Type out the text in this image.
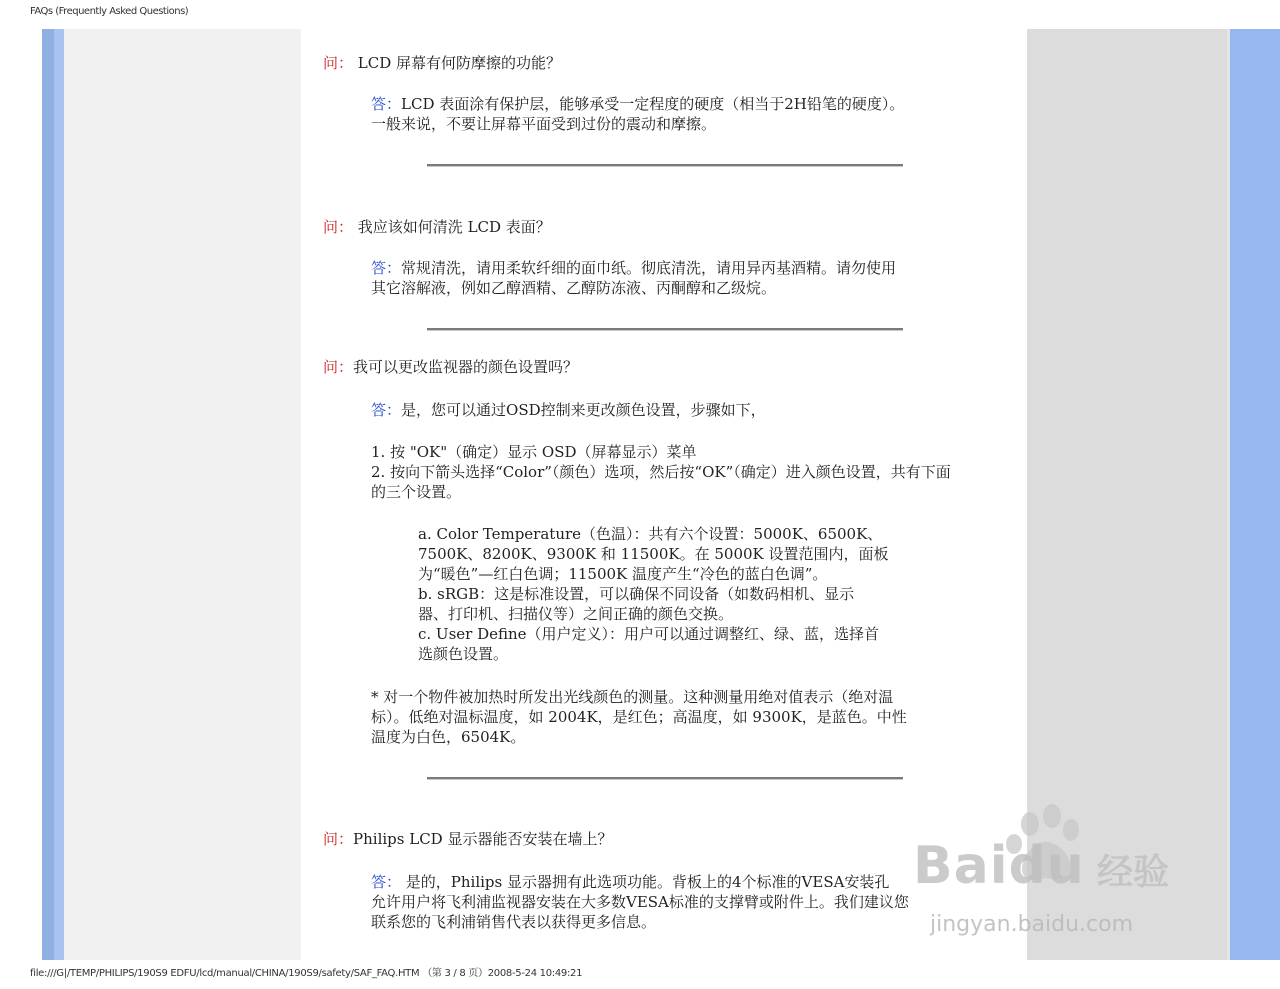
FAQs (Frequently Asked Questions)
问： LCD 屏幕有何防摩擦的功能？
答：LCD 表面涂有保护层，能够承受一定程度的硬度（相当于2H铅笔的硬度）。
一般来说，不要让屏幕平面受到过份的震动和摩擦。
问： 我应该如何清洗 LCD 表面？
答：常规清洗，请用柔软纤细的面巾纸。彻底清洗，请用异丙基酒精。请勿使用
其它溶解液，例如乙醇酒精、乙醇防冻液、丙酮醇和乙级烷。
问：我可以更改监视器的颜色设置吗？
答：是，您可以通过OSD控制来更改颜色设置，步骤如下，
1. 按 "OK"（确定）显示 OSD（屏幕显示）菜单
2. 按向下箭头选择“Color”（颜色）选项，然后按“OK”（确定）进入颜色设置，共有下面
的三个设置。
a. Color Temperature（色温）：共有六个设置：5000K、6500K、
7500K、8200K、9300K 和 11500K。在 5000K 设置范围内，面板
为“暖色”—红白色调；11500K 温度产生“冷色的蓝白色调”。
b. sRGB：这是标准设置，可以确保不同设备（如数码相机、显示
器、打印机、扫描仪等）之间正确的颜色交换。
c. User Define（用户定义）：用户可以通过调整红、绿、蓝，选择首
选颜色设置。
* 对一个物件被加热时所发出光线颜色的测量。这种测量用绝对值表示（绝对温
标）。低绝对温标温度，如 2004K，是红色；高温度，如 9300K，是蓝色。中性
温度为白色，6504K。
问：Philips LCD 显示器能否安装在墙上？
答： 是的，Philips 显示器拥有此选项功能。背板上的4个标准的VESA安装孔
允许用户将飞利浦监视器安装在大多数VESA标准的支撑臂或附件上。我们建议您
联系您的飞利浦销售代表以获得更多信息。
file:///G|/TEMP/PHILIPS/190S9 EDFU/lcd/manual/CHINA/190S9/safety/SAF_FAQ.HTM （第 3 / 8 页）2008-5-24 10:49:21
Baidu 经验
jingyan.baidu.com
